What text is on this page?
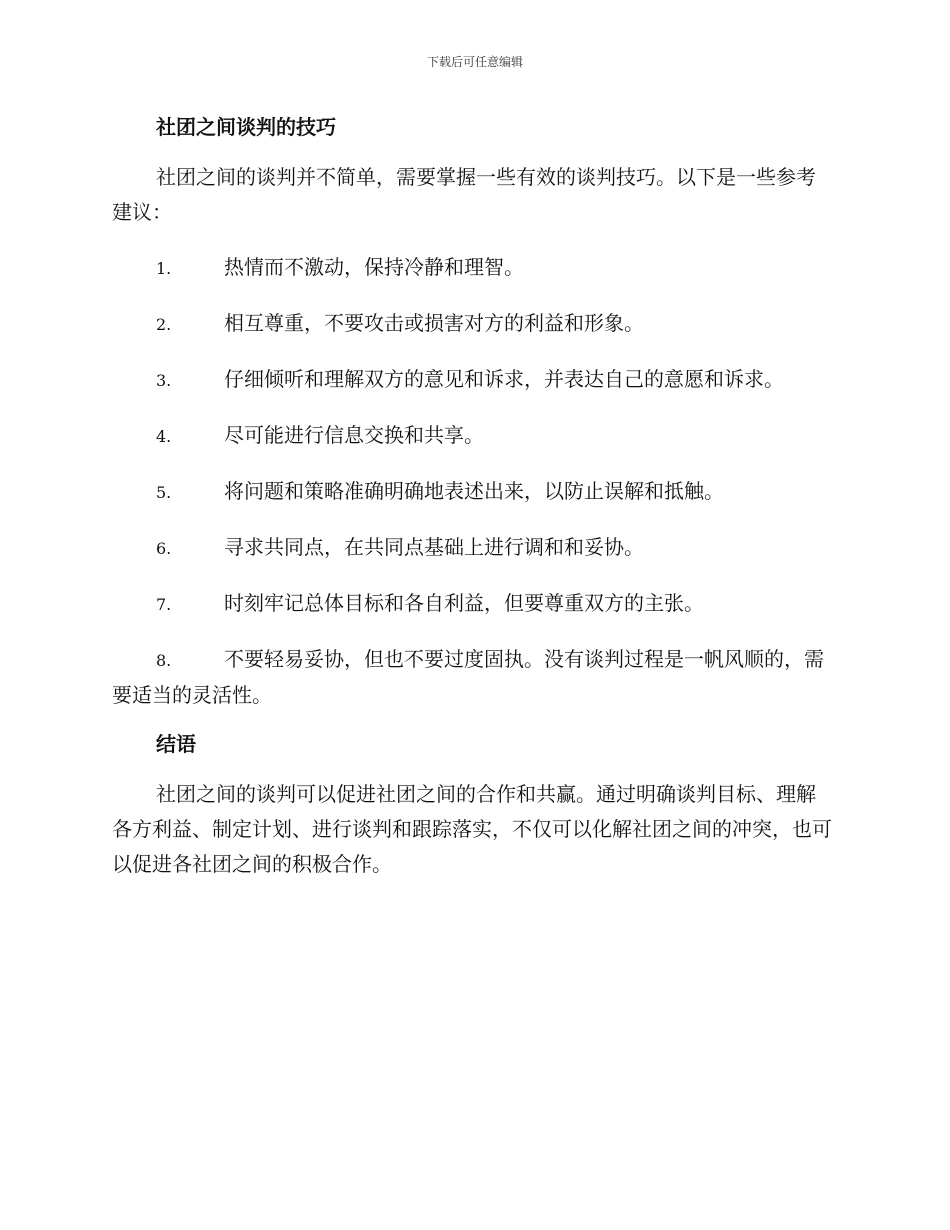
下载后可任意编辑
社团之间谈判的技巧

社团之间的谈判并不简单，需要掌握一些有效的谈判技巧。以下是一些参考建议：

1.	热情而不激动，保持冷静和理智。
2.	相互尊重，不要攻击或损害对方的利益和形象。
3.	仔细倾听和理解双方的意见和诉求，并表达自己的意愿和诉求。
4.	尽可能进行信息交换和共享。
5.	将问题和策略准确明确地表述出来，以防止误解和抵触。
6.	寻求共同点，在共同点基础上进行调和和妥协。
7.	时刻牢记总体目标和各自利益，但要尊重双方的主张。
8.	不要轻易妥协，但也不要过度固执。没有谈判过程是一帆风顺的，需要适当的灵活性。
结语

社团之间的谈判可以促进社团之间的合作和共赢。通过明确谈判目标、理解各方利益、制定计划、进行谈判和跟踪落实，不仅可以化解社团之间的冲突，也可以促进各社团之间的积极合作。
